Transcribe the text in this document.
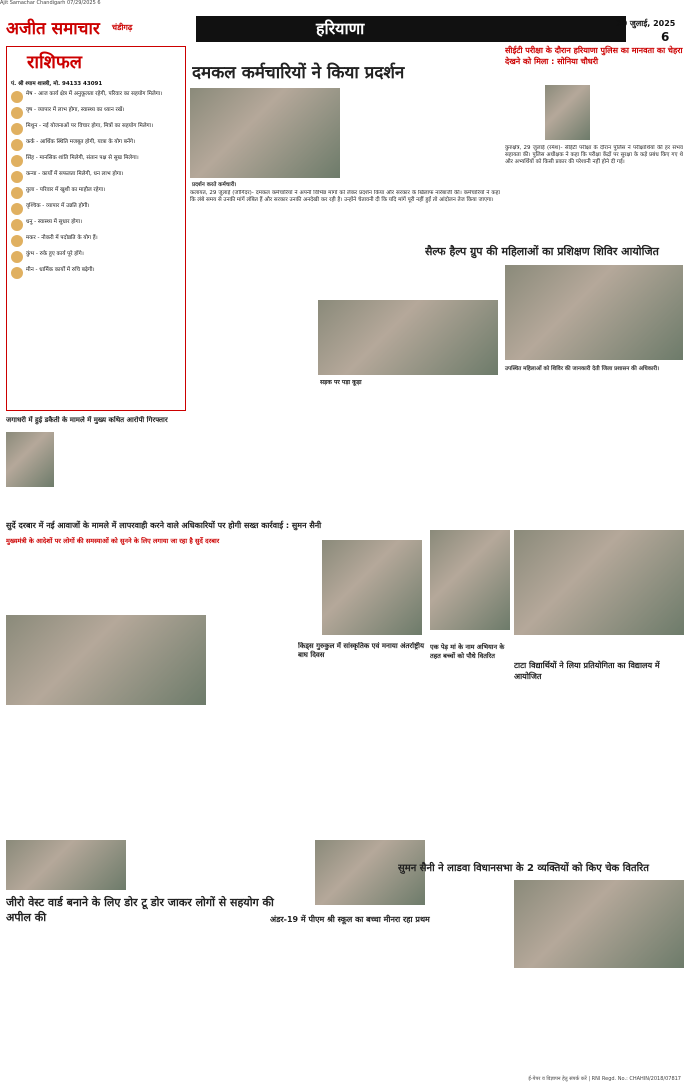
Ajit Samachar Chandigarh 07/29/2025 6
अजीत समाचार	चंडीगढ़	हरियाणा	30 जुलाई, 2025
6
राशिफल
पं. श्री श्याम शास्त्री, मो. 94133 43091
मेष - आज कार्य क्षेत्र में अनुकूलता रहेगी, परिवार का सहयोग मिलेगा।
वृष - व्यापार में लाभ होगा, स्वास्थ्य का ध्यान रखें।
मिथुन - नई योजनाओं पर विचार होगा, मित्रों का सहयोग मिलेगा।
कर्क - आर्थिक स्थिति मजबूत होगी, यात्रा के योग बनेंगे।
सिंह - मानसिक शांति मिलेगी, संतान पक्ष से सुख मिलेगा।
कन्या - कार्यों में सफलता मिलेगी, धन लाभ होगा।
तुला - परिवार में खुशी का माहौल रहेगा।
वृश्चिक - व्यापार में उन्नति होगी।
धनु - स्वास्थ्य में सुधार होगा।
मकर - नौकरी में पदोन्नति के योग हैं।
कुंभ - रुके हुए कार्य पूरे होंगे।
मीन - धार्मिक कार्यों में रुचि बढ़ेगी।
दमकल कर्मचारियों ने किया प्रदर्शन
प्रदर्शन करते कर्मचारी।
कलायत, 29 जुलाई (जोगिंदर)- दमकल कर्मचारियों ने अपनी विभिन्न मांगों को लेकर प्रदर्शन किया और सरकार के खिलाफ नारेबाजी की। कर्मचारियों ने कहा कि लंबे समय से उनकी मांगें लंबित हैं और सरकार उनकी अनदेखी कर रही है। उन्होंने चेतावनी दी कि यदि मांगें पूरी नहीं हुईं तो आंदोलन तेज किया जाएगा।
सीईटी परीक्षा के दौरान हरियाणा पुलिस का मानवता का चेहरा देखने को मिला : सोनिया चौधरी
कुरुक्षेत्र, 29 जुलाई (रमेश)- सीईटी परीक्षा के दौरान पुलिस ने परीक्षार्थियों की हर संभव सहायता की। पुलिस अधीक्षक ने कहा कि परीक्षा केंद्रों पर सुरक्षा के कड़े प्रबंध किए गए थे और अभ्यर्थियों को किसी प्रकार की परेशानी नहीं होने दी गई।
सैल्फ हैल्प ग्रुप की महिलाओं का प्रशिक्षण शिविर आयोजित
उपस्थित महिलाओं को शिविर की जानकारी देती जिला प्रशासन की अधिकारी।
सड़क पर पड़ा कूड़ा
जगाधरी में हुई डकैती के मामले में मुख्य कथित आरोपी गिरफ्तार
सुर्दे दरबार में नई आवाजों के मामले में लापरवाही करने वाले अधिकारियों पर होगी सख्त कार्रवाई : सुमन सैनी
मुख्यमंत्री के आदेशों पर लोगों की समस्याओं को सुनने के लिए लगाया जा रहा है सुर्दे दरबार
किड्स गुरुकुल में सांस्कृतिक एवं मनाया अंतर्राष्ट्रीय बाघ दिवस
एक पेड़ मां के नाम अभियान के तहत बच्चों को पौधे वितरित
टाटा विद्यार्थियों ने लिया प्रतियोगिता का विद्यालय में आयोजित
जीरो वेस्ट वार्ड बनाने के लिए डोर टू डोर जाकर लोगों से सहयोग की अपील की	अंडर-19 में पीएम श्री स्कूल का बच्चा मीनरा रहा प्रथम
सुमन सैनी ने लाडवा विधानसभा के 2 व्यक्तियों को किए चेक वितरित
ई-पेपर व विज्ञापन हेतु संपर्क करें | RNI Regd. No.: CHAHIN/2018/07817
